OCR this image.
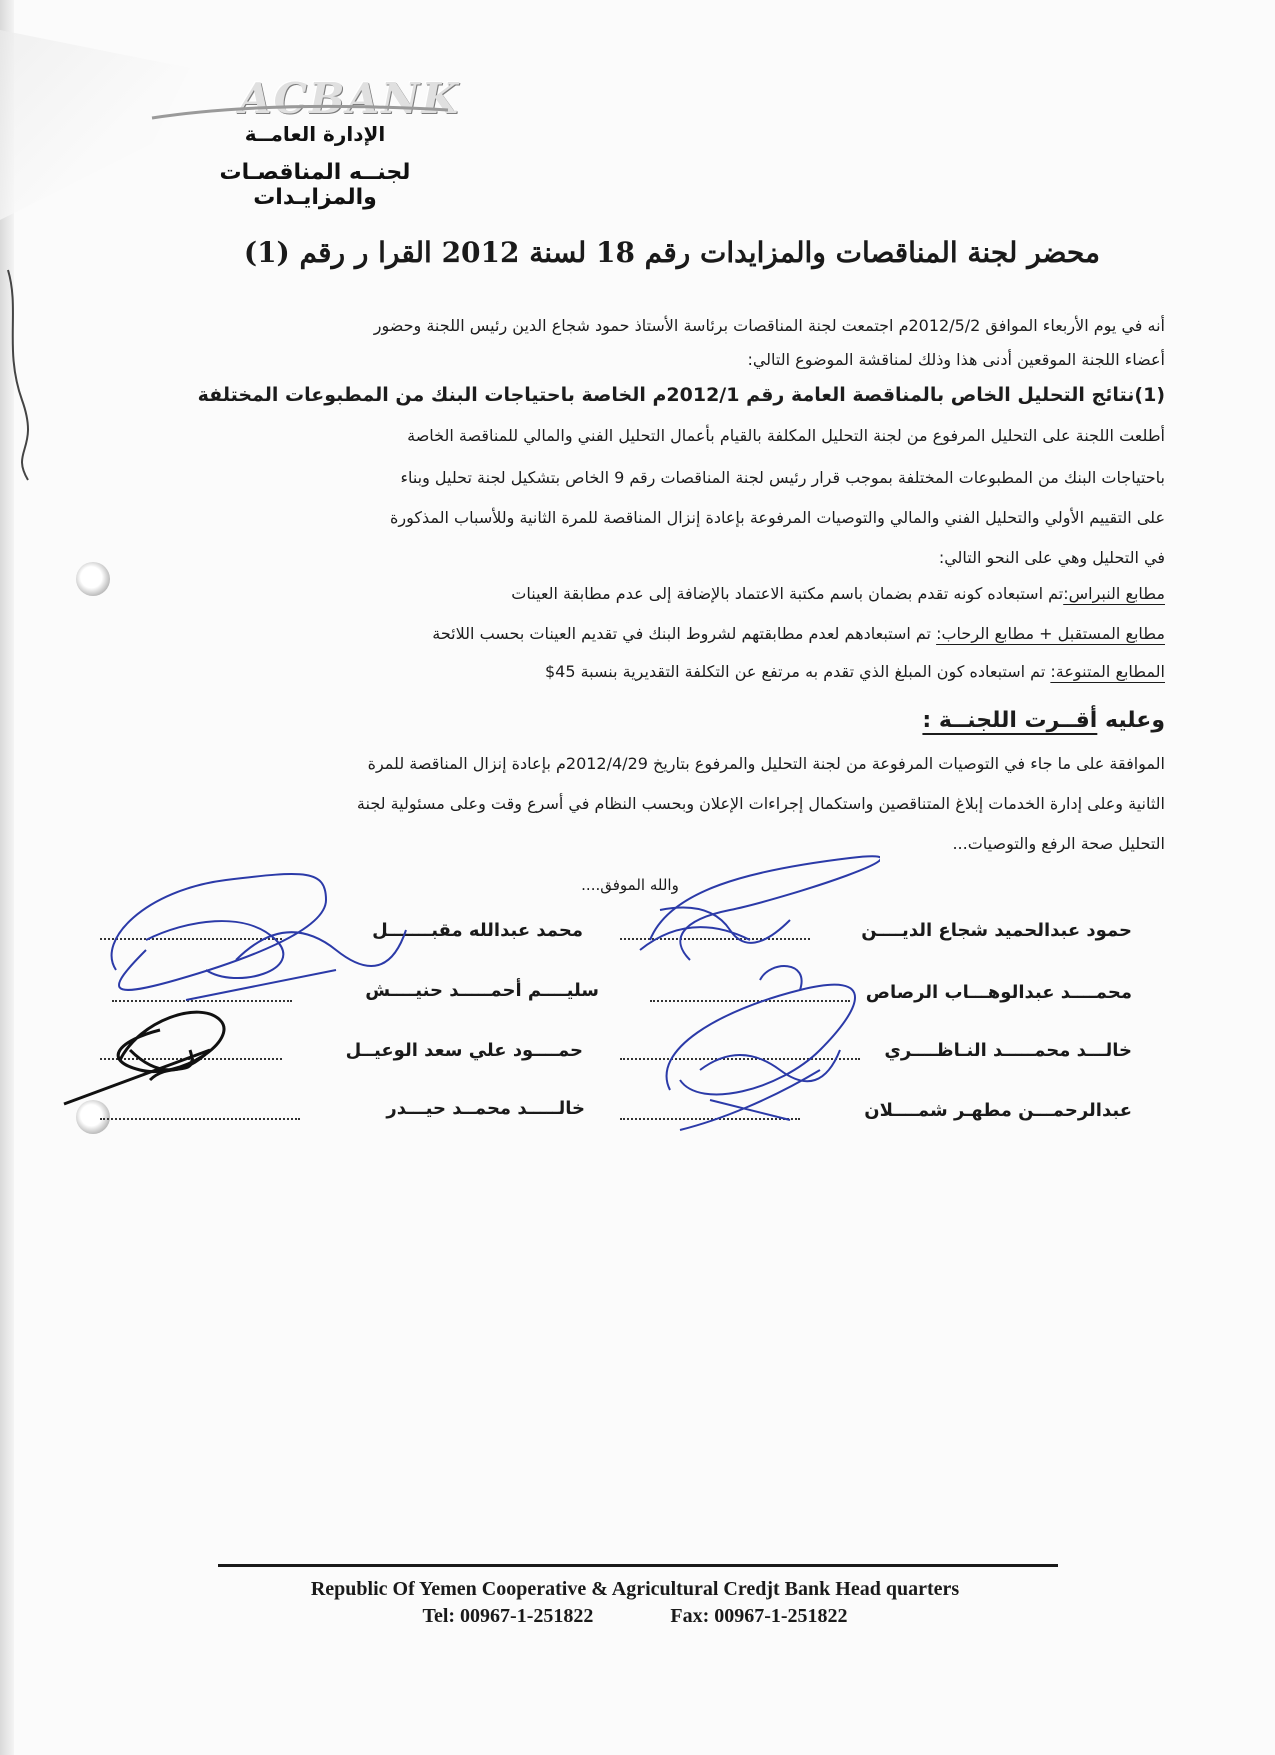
ACBANK
الإدارة العامــة
لجنــه المناقصـات والمزايـدات
محضر لجنة المناقصات والمزايدات رقم 18 لسنة 2012 القرا ر رقم (1)
أنه في يوم الأربعاء الموافق 2012/5/2م اجتمعت لجنة المناقصات برئاسة الأستاذ حمود شجاع الدين رئيس اللجنة وحضور
أعضاء اللجنة الموقعين أدنى هذا وذلك لمناقشة الموضوع التالي:
(1)نتائج التحليل الخاص بالمناقصة العامة رقم 2012/1م الخاصة باحتياجات البنك من المطبوعات المختلفة
أطلعت اللجنة على التحليل المرفوع من لجنة التحليل المكلفة بالقيام بأعمال التحليل الفني والمالي للمناقصة الخاصة
باحتياجات البنك من المطبوعات المختلفة بموجب قرار رئيس لجنة المناقصات رقم 9 الخاص بتشكيل لجنة تحليل وبناء
على التقييم الأولي والتحليل الفني والمالي والتوصيات المرفوعة بإعادة إنزال المناقصة للمرة الثانية وللأسباب المذكورة
في التحليل وهي على النحو التالي:
مطابع النبراس:تم استبعاده كونه تقدم بضمان باسم مكتبة الاعتماد بالإضافة إلى عدم مطابقة العينات
مطابع المستقبل + مطابع الرحاب: تم استبعادهم لعدم مطابقتهم لشروط البنك في تقديم العينات بحسب اللائحة
المطابع المتنوعة: تم استبعاده كون المبلغ الذي تقدم به مرتفع عن التكلفة التقديرية بنسبة 45$
وعليه أقــرت اللجنــة :
الموافقة على ما جاء في التوصيات المرفوعة من لجنة التحليل والمرفوع بتاريخ 2012/4/29م بإعادة إنزال المناقصة للمرة
الثانية وعلى إدارة الخدمات إبلاغ المتناقصين واستكمال إجراءات الإعلان وبحسب النظام في أسرع وقت وعلى مسئولية لجنة
التحليل صحة الرفع والتوصيات...
والله الموفق....
حمود عبدالحميد شجاع الديــــن
محمــــد عبدالوهـــاب الرصاص
خالـــد محمـــــد النـاظــــري
عبدالرحمـــن مطهـر شمــــلان
محمد عبدالله مقبـــــــل
سليــــم أحمـــــد حنيــــش
حمــــود علي سعد الوعيــل
خالـــــد محمــد حيـــدر
Republic Of Yemen Cooperative & Agricultural Credjt Bank Head quarters
Tel: 00967-1-251822	Fax: 00967-1-251822
